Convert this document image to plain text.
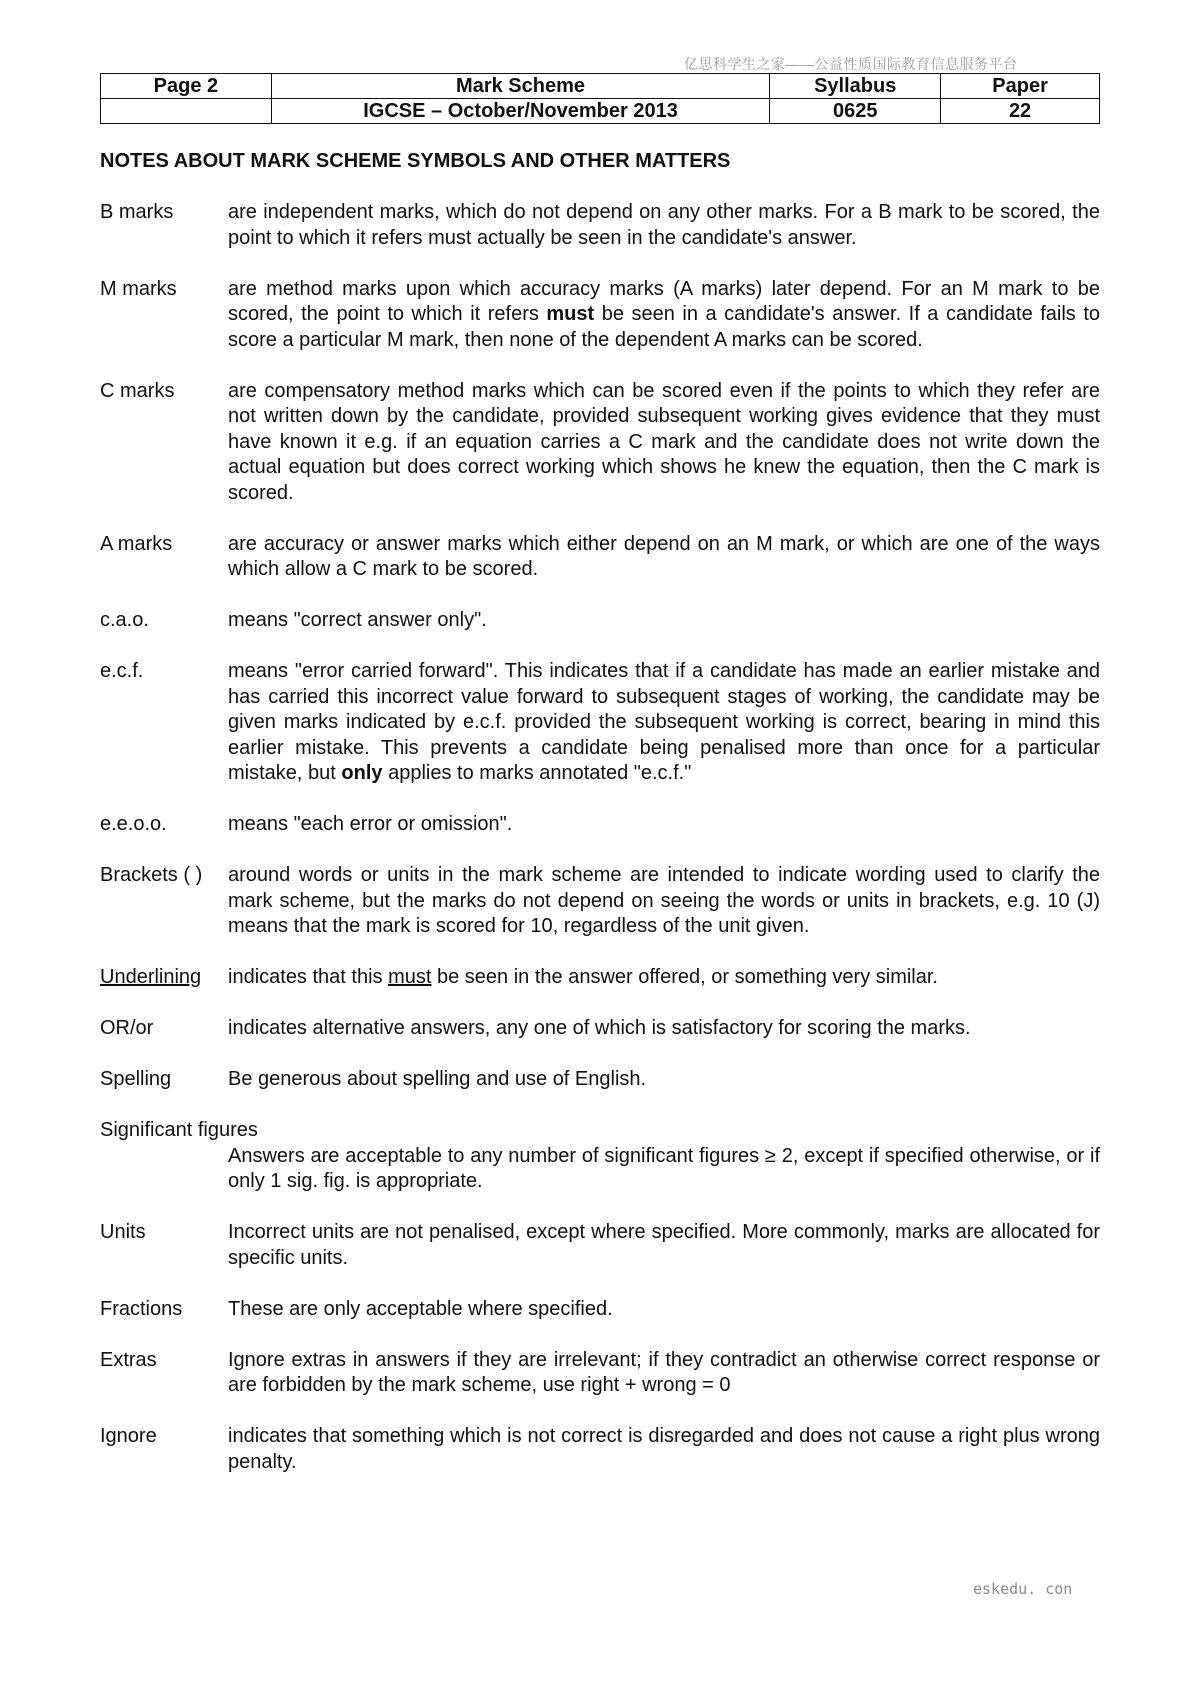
亿思科学生之家——公益性质国际教育信息服务平台
Page 2	Mark Scheme	Syllabus	Paper
	IGCSE – October/November 2013	0625	22
NOTES ABOUT MARK SCHEME SYMBOLS AND OTHER MATTERS
B marks	are independent marks, which do not depend on any other marks. For a B mark to be scored, the point to which it refers must actually be seen in the candidate's answer.
M marks	are method marks upon which accuracy marks (A marks) later depend. For an M mark to be scored, the point to which it refers must be seen in a candidate's answer. If a candidate fails to score a particular M mark, then none of the dependent A marks can be scored.
C marks	are compensatory method marks which can be scored even if the points to which they refer are not written down by the candidate, provided subsequent working gives evidence that they must have known it e.g. if an equation carries a C mark and the candidate does not write down the actual equation but does correct working which shows he knew the equation, then the C mark is scored.
A marks	are accuracy or answer marks which either depend on an M mark, or which are one of the ways which allow a C mark to be scored.
c.a.o.	means "correct answer only".
e.c.f.	means "error carried forward". This indicates that if a candidate has made an earlier mistake and has carried this incorrect value forward to subsequent stages of working, the candidate may be given marks indicated by e.c.f. provided the subsequent working is correct, bearing in mind this earlier mistake. This prevents a candidate being penalised more than once for a particular mistake, but only applies to marks annotated "e.c.f."
e.e.o.o.	means "each error or omission".
Brackets ( )	around words or units in the mark scheme are intended to indicate wording used to clarify the mark scheme, but the marks do not depend on seeing the words or units in brackets, e.g. 10 (J) means that the mark is scored for 10, regardless of the unit given.
Underlining	indicates that this must be seen in the answer offered, or something very similar.
OR/or	indicates alternative answers, any one of which is satisfactory for scoring the marks.
Spelling	Be generous about spelling and use of English.
Significant figures
Answers are acceptable to any number of significant figures ≥ 2, except if specified otherwise, or if only 1 sig. fig. is appropriate.
Units	Incorrect units are not penalised, except where specified. More commonly, marks are allocated for specific units.
Fractions	These are only acceptable where specified.
Extras	Ignore extras in answers if they are irrelevant; if they contradict an otherwise correct response or are forbidden by the mark scheme, use right + wrong = 0
Ignore	indicates that something which is not correct is disregarded and does not cause a right plus wrong penalty.
eskedu. con
